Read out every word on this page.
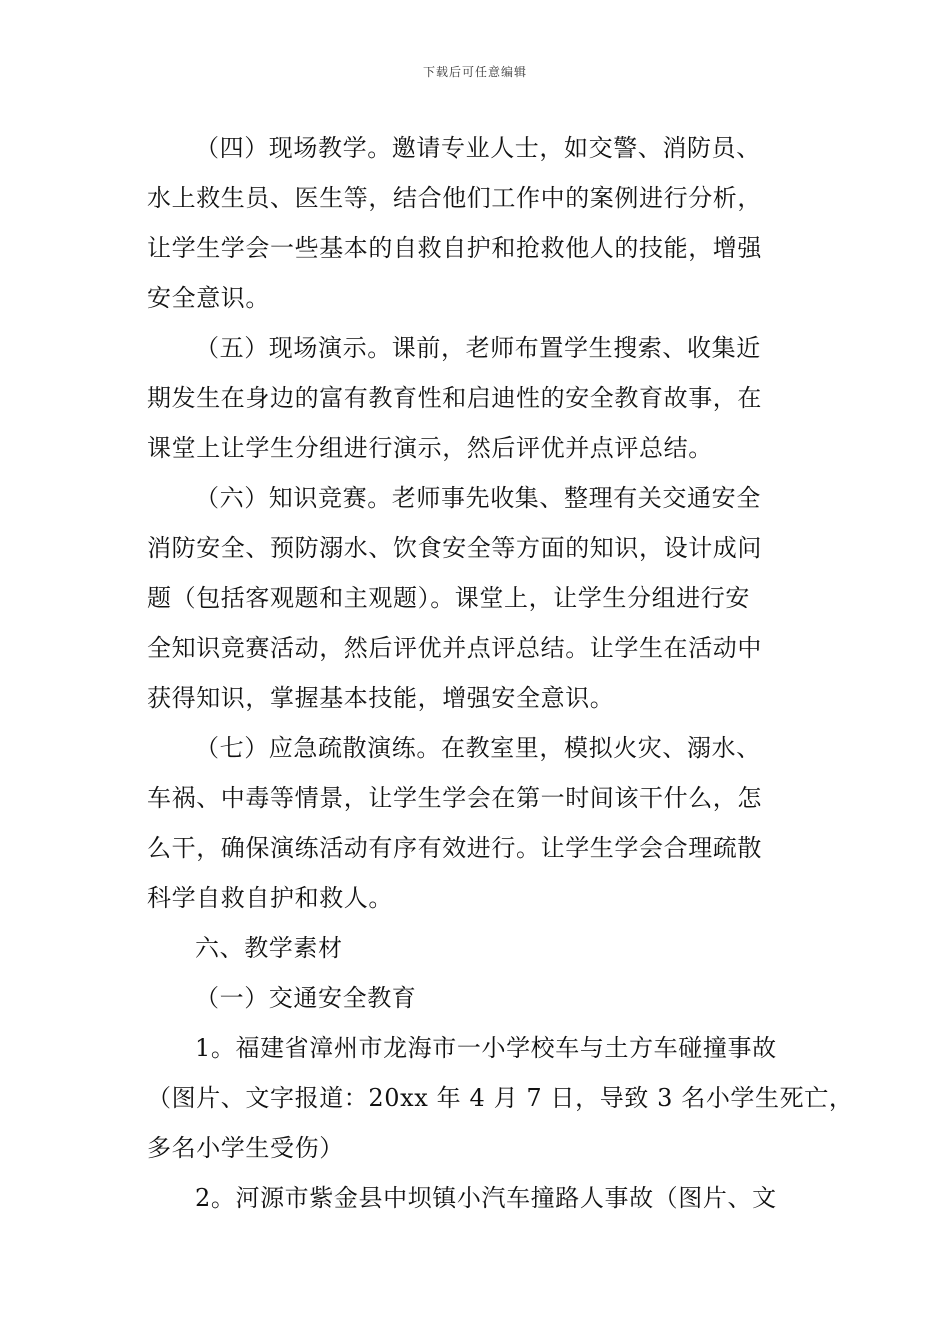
下载后可任意编辑
（四）现场教学。邀请专业人士，如交警、消防员、
水上救生员、医生等，结合他们工作中的案例进行分析，
让学生学会一些基本的自救自护和抢救他人的技能，增强
安全意识。
（五）现场演示。课前，老师布置学生搜索、收集近
期发生在身边的富有教育性和启迪性的安全教育故事，在
课堂上让学生分组进行演示，然后评优并点评总结。
（六）知识竞赛。老师事先收集、整理有关交通安全
消防安全、预防溺水、饮食安全等方面的知识，设计成问
题（包括客观题和主观题）。课堂上，让学生分组进行安
全知识竞赛活动，然后评优并点评总结。让学生在活动中
获得知识，掌握基本技能，增强安全意识。
（七）应急疏散演练。在教室里，模拟火灾、溺水、
车祸、中毒等情景，让学生学会在第一时间该干什么，怎
么干，确保演练活动有序有效进行。让学生学会合理疏散
科学自救自护和救人。
六、教学素材
（一）交通安全教育
1。福建省漳州市龙海市一小学校车与土方车碰撞事故
（图片、文字报道：20xx 年 4 月 7 日，导致 3 名小学生死亡，
多名小学生受伤）
2。河源市紫金县中坝镇小汽车撞路人事故（图片、文
